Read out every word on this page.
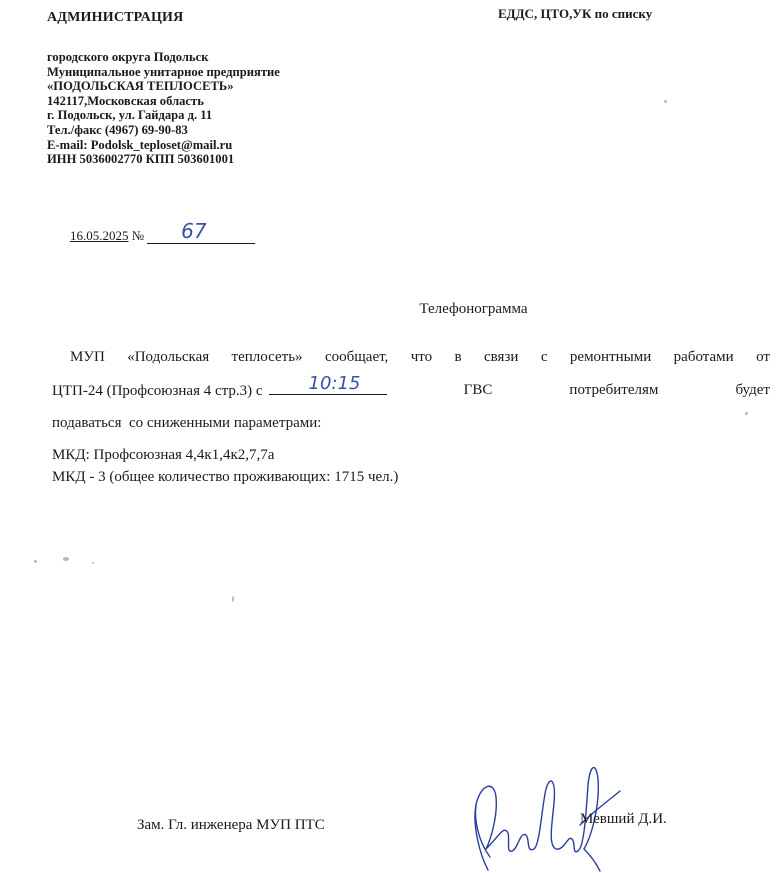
АДМИНИСТРАЦИЯ
городского округа Подольск
Муниципальное унитарное предприятие
«ПОДОЛЬСКАЯ ТЕПЛОСЕТЬ»
142117,Московская область
г. Подольск, ул. Гайдара д. 11
Тел./факс (4967) 69-90-83
E-mail: Podolsk_teploset@mail.ru
ИНН 5036002770 КПП 503601001
ЕДДС, ЦТО,УК по списку
16.05.2025 № 67
Телефонограмма
МУП «Подольская теплосеть» сообщает, что в связи с ремонтными работами от
ЦТП-24 (Профсоюзная 4 стр.3) с	10:15	ГВС	потребителям	будет
подаваться  со сниженными параметрами:
МКД: Профсоюзная 4,4к1,4к2,7,7а
МКД - 3 (общее количество проживающих: 1715 чел.)
Зам. Гл. инженера МУП ПТС	Мевший Д.И.
